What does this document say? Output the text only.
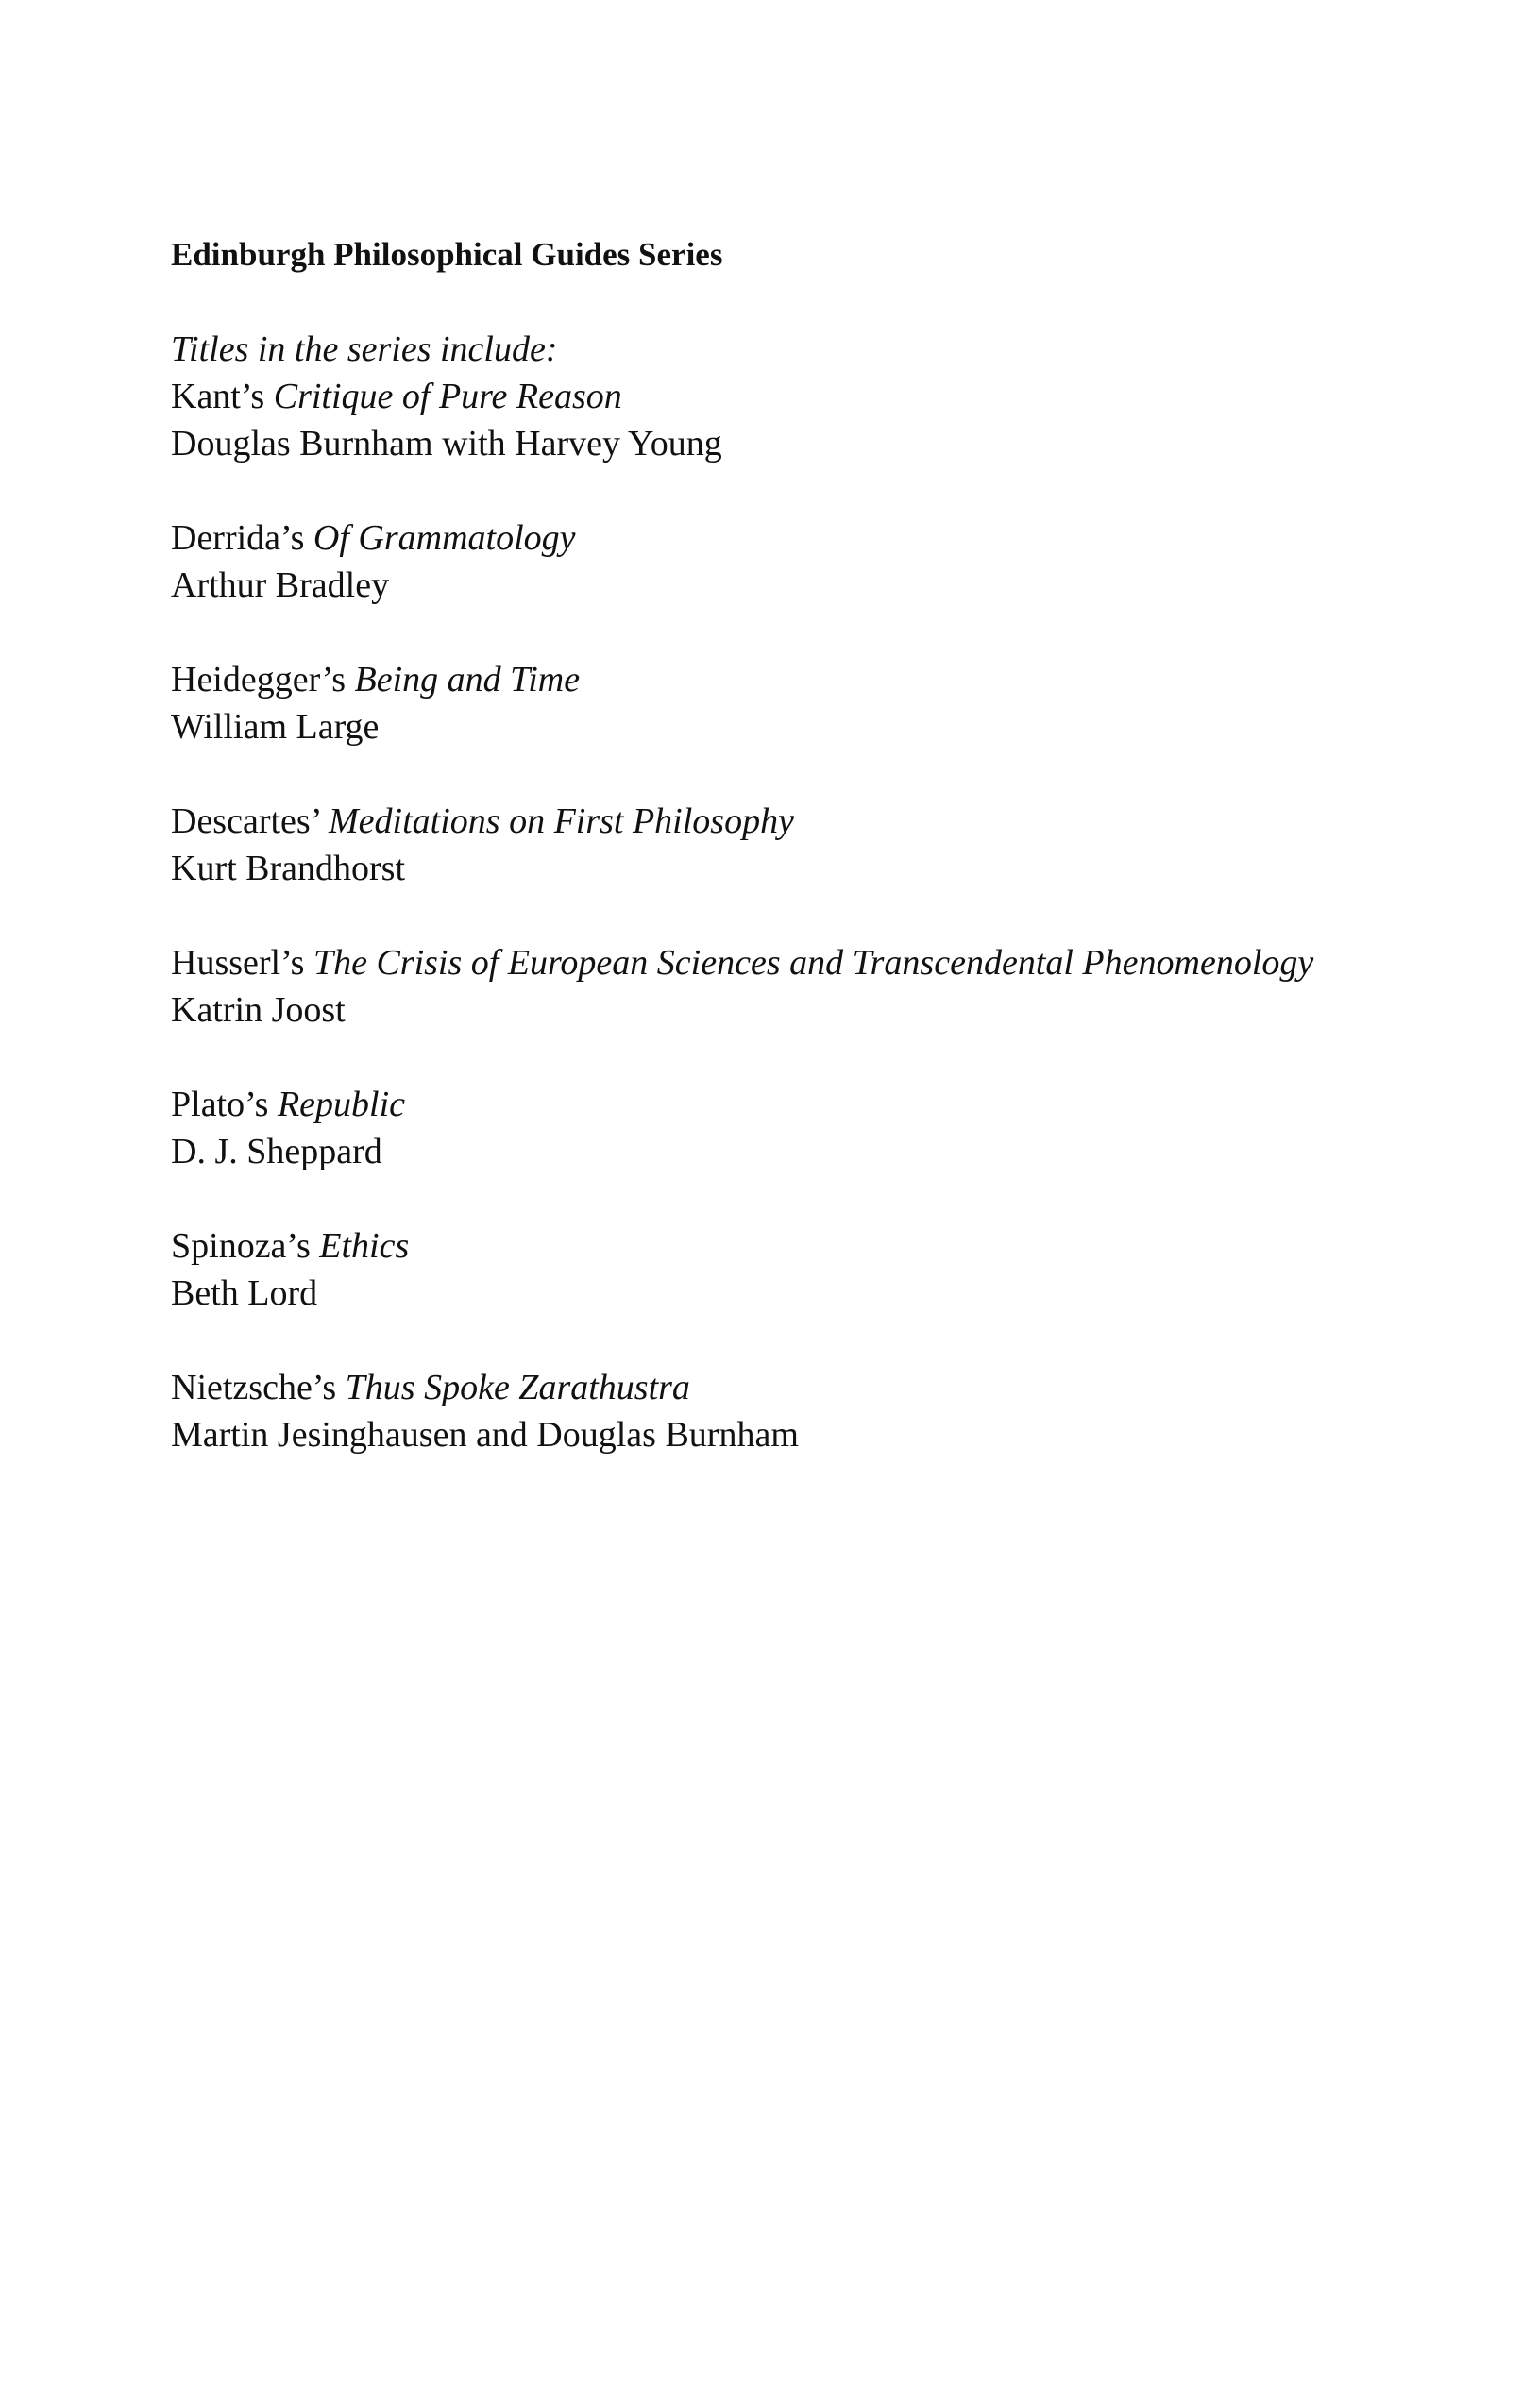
Edinburgh Philosophical Guides Series
Titles in the series include:
Kant’s Critique of Pure Reason
Douglas Burnham with Harvey Young
Derrida’s Of Grammatology
Arthur Bradley
Heidegger’s Being and Time
William Large
Descartes’ Meditations on First Philosophy
Kurt Brandhorst
Husserl’s The Crisis of European Sciences and Transcendental Phenomenology
Katrin Joost
Plato’s Republic
D. J. Sheppard
Spinoza’s Ethics
Beth Lord
Nietzsche’s Thus Spoke Zarathustra
Martin Jesinghausen and Douglas Burnham
